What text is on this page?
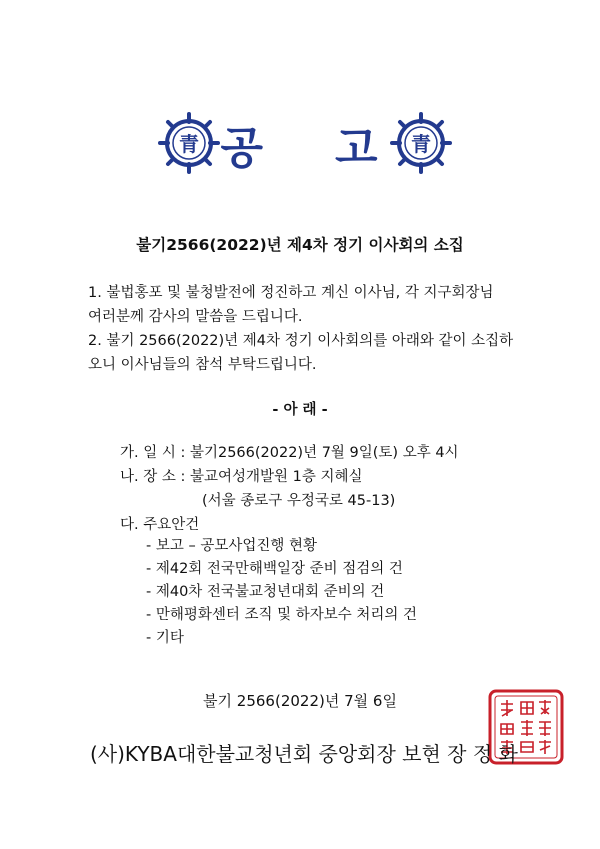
青 공 고	青
불기2566(2022)년 제4차 정기 이사회의 소집
1. 불법홍포 및 불청발전에 정진하고 계신 이사님, 각 지구회장님
여러분께 감사의 말씀을 드립니다.
2. 불기 2566(2022)년 제4차 정기 이사회의를 아래와 같이 소집하
오니 이사님들의 참석 부탁드립니다.
- 아 래 -
가. 일 시 : 불기2566(2022)년 7월 9일(토) 오후 4시
나. 장 소 : 불교여성개발원 1층 지혜실
(서울 종로구 우정국로 45-13)
다. 주요안건
- 보고 – 공모사업진행 현황
- 제42회 전국만해백일장 준비 점검의 건
- 제40차 전국불교청년대회 준비의 건
- 만해평화센터 조직 및 하자보수 처리의 건
- 기타
불기 2566(2022)년 7월 6일
(사)KYBA대한불교청년회 중앙회장 보현 장 정 화
